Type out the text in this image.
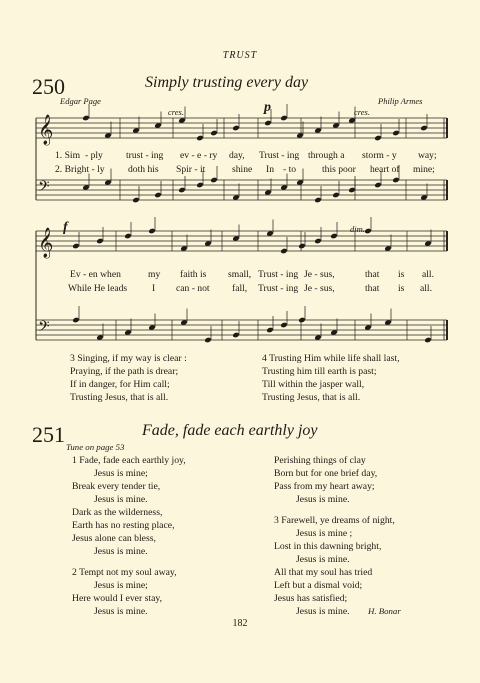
TRUST
250	Simply trusting every day
Edgar Page	Philip Armes
cres.	p	cres.
f	dim.
𝄞
𝄢
𝄞
𝄢
1. Sim - ply trust - ing ev - e - ry day, Trust - ing through a storm - y way;
2. Bright - ly doth his Spir - it	shine In - to	this poor heart of mine;
Ev - en when	my faith is small, Trust - ing Je - sus,	that is all.
While He leads	I can - not fall, Trust - ing Je - sus,	that is all.
3 Singing, if my way is clear :
Praying, if the path is drear;
If in danger, for Him call;
Trusting Jesus, that is all.
4 Trusting Him while life shall last,
Trusting him till earth is past;
Till within the jasper wall,
Trusting Jesus, that is all.
251	Fade, fade each earthly joy
Tune on page 53
1 Fade, fade each earthly joy,
Jesus is mine;
Break every tender tie,
Jesus is mine.
Dark as the wilderness,
Earth has no resting place,
Jesus alone can bless,
Jesus is mine.
2 Tempt not my soul away,
Jesus is mine;
Here would I ever stay,
Jesus is mine.
Perishing things of clay
Born but for one brief day,
Pass from my heart away;
Jesus is mine.
3 Farewell, ye dreams of night,
Jesus is mine ;
Lost in this dawning bright,
Jesus is mine.
All that my soul has tried
Left but a dismal void;
Jesus has satisfied;
Jesus is mine.	H. Bonar
182
